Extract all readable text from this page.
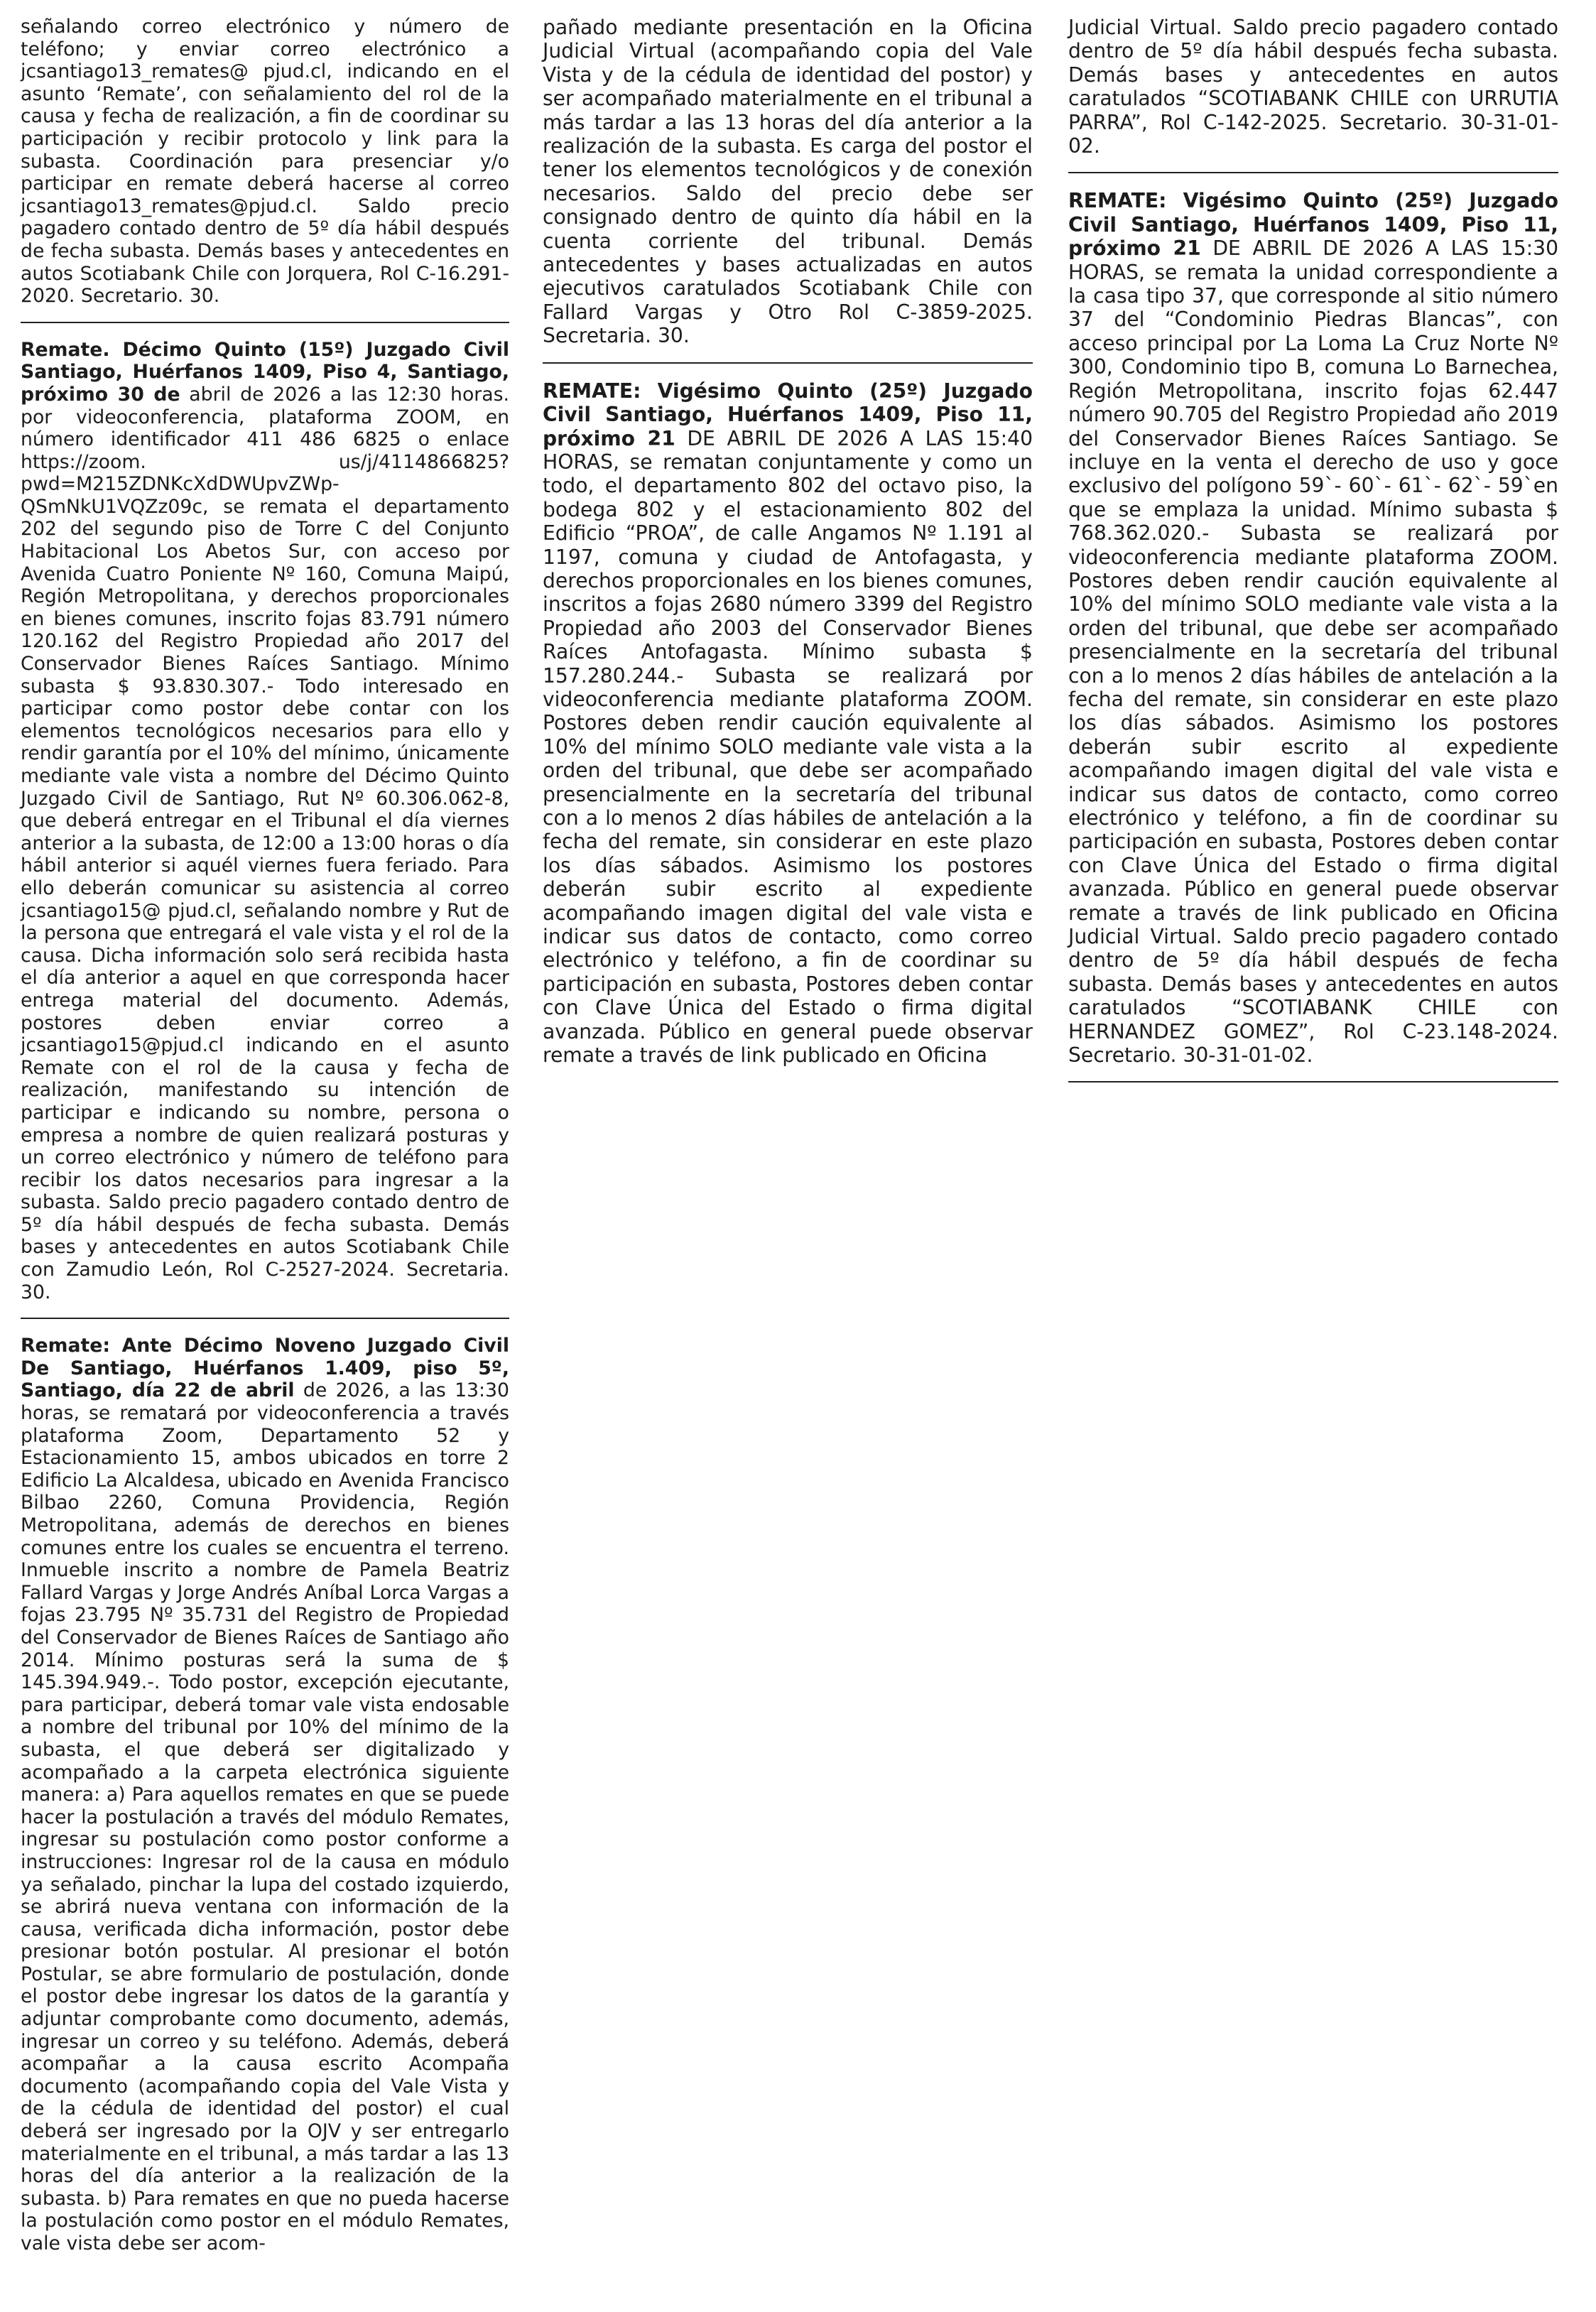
señalando correo electrónico y número de teléfono; y enviar correo electrónico a jcsantiago13_remates@ pjud.cl, indicando en el asunto ‘Remate’, con señalamiento del rol de la causa y fecha de realización, a fin de coordinar su participación y recibir protocolo y link para la subasta. Coordinación para presenciar y/o participar en remate deberá hacerse al correo jcsantiago13_remates@pjud.cl. Saldo precio pagadero contado dentro de 5º día hábil después de fecha subasta. Demás bases y antecedentes en autos Scotiabank Chile con Jorquera, Rol C-16.291-2020. Secretario. 30.

Remate. Décimo Quinto (15º) Juzgado Civil Santiago, Huérfanos 1409, Piso 4, Santiago, próximo 30 de abril de 2026 a las 12:30 horas. por videoconferencia, plataforma ZOOM, en número identificador 411 486 6825 o enlace https://zoom. us/j/4114866825?pwd=M215ZDNKcXdDWUpvZWp-QSmNkU1VQZz09c, se remata el departamento 202 del segundo piso de Torre C del Conjunto Habitacional Los Abetos Sur, con acceso por Avenida Cuatro Poniente Nº 160, Comuna Maipú, Región Metropolitana, y derechos proporcionales en bienes comunes, inscrito fojas 83.791 número 120.162 del Registro Propiedad año 2017 del Conservador Bienes Raíces Santiago. Mínimo subasta $ 93.830.307.- Todo interesado en participar como postor debe contar con los elementos tecnológicos necesarios para ello y rendir garantía por el 10% del mínimo, únicamente mediante vale vista a nombre del Décimo Quinto Juzgado Civil de Santiago, Rut Nº 60.306.062-8, que deberá entregar en el Tribunal el día viernes anterior a la subasta, de 12:00 a 13:00 horas o día hábil anterior si aquél viernes fuera feriado. Para ello deberán comunicar su asistencia al correo jcsantiago15@ pjud.cl, señalando nombre y Rut de la persona que entregará el vale vista y el rol de la causa. Dicha información solo será recibida hasta el día anterior a aquel en que corresponda hacer entrega material del documento. Además, postores deben enviar correo a jcsantiago15@pjud.cl indicando en el asunto Remate con el rol de la causa y fecha de realización, manifestando su intención de participar e indicando su nombre, persona o empresa a nombre de quien realizará posturas y un correo electrónico y número de teléfono para recibir los datos necesarios para ingresar a la subasta. Saldo precio pagadero contado dentro de 5º día hábil después de fecha subasta. Demás bases y antecedentes en autos Scotiabank Chile con Zamudio León, Rol C-2527-2024. Secretaria. 30.

Remate: Ante Décimo Noveno Juzgado Civil De Santiago, Huérfanos 1.409, piso 5º, Santiago, día 22 de abril de 2026, a las 13:30 horas, se rematará por videoconferencia a través plataforma Zoom, Departamento 52 y Estacionamiento 15, ambos ubicados en torre 2 Edificio La Alcaldesa, ubicado en Avenida Francisco Bilbao 2260, Comuna Providencia, Región Metropolitana, además de derechos en bienes comunes entre los cuales se encuentra el terreno. Inmueble inscrito a nombre de Pamela Beatriz Fallard Vargas y Jorge Andrés Aníbal Lorca Vargas a fojas 23.795 Nº 35.731 del Registro de Propiedad del Conservador de Bienes Raíces de Santiago año 2014. Mínimo posturas será la suma de $ 145.394.949.-. Todo postor, excepción ejecutante, para participar, deberá tomar vale vista endosable a nombre del tribunal por 10% del mínimo de la subasta, el que deberá ser digitalizado y acompañado a la carpeta electrónica siguiente manera: a) Para aquellos remates en que se puede hacer la postulación a través del módulo Remates, ingresar su postulación como postor conforme a instrucciones: Ingresar rol de la causa en módulo ya señalado, pinchar la lupa del costado izquierdo, se abrirá nueva ventana con información de la causa, verificada dicha información, postor debe presionar botón postular. Al presionar el botón Postular, se abre formulario de postulación, donde el postor debe ingresar los datos de la garantía y adjuntar comprobante como documento, además, ingresar un correo y su teléfono. Además, deberá acompañar a la causa escrito Acompaña documento (acompañando copia del Vale Vista y de la cédula de identidad del postor) el cual deberá ser ingresado por la OJV y ser entregarlo materialmente en el tribunal, a más tardar a las 13 horas del día anterior a la realización de la subasta. b) Para remates en que no pueda hacerse la postulación como postor en el módulo Remates, vale vista debe ser acom-

pañado mediante presentación en la Oficina Judicial Virtual (acompañando copia del Vale Vista y de la cédula de identidad del postor) y ser acompañado materialmente en el tribunal a más tardar a las 13 horas del día anterior a la realización de la subasta. Es carga del postor el tener los elementos tecnológicos y de conexión necesarios. Saldo del precio debe ser consignado dentro de quinto día hábil en la cuenta corriente del tribunal. Demás antecedentes y bases actualizadas en autos ejecutivos caratulados Scotiabank Chile con Fallard Vargas y Otro Rol C-3859-2025. Secretaria. 30.

REMATE: Vigésimo Quinto (25º) Juzgado Civil Santiago, Huérfanos 1409, Piso 11, próximo 21 DE ABRIL DE 2026 A LAS 15:40 HORAS, se rematan conjuntamente y como un todo, el departamento 802 del octavo piso, la bodega 802 y el estacionamiento 802 del Edificio “PROA”, de calle Angamos Nº 1.191 al 1197, comuna y ciudad de Antofagasta, y derechos proporcionales en los bienes comunes, inscritos a fojas 2680 número 3399 del Registro Propiedad año 2003 del Conservador Bienes Raíces Antofagasta. Mínimo subasta $ 157.280.244.- Subasta se realizará por videoconferencia mediante plataforma ZOOM. Postores deben rendir caución equivalente al 10% del mínimo SOLO mediante vale vista a la orden del tribunal, que debe ser acompañado presencialmente en la secretaría del tribunal con a lo menos 2 días hábiles de antelación a la fecha del remate, sin considerar en este plazo los días sábados. Asimismo los postores deberán subir escrito al expediente acompañando imagen digital del vale vista e indicar sus datos de contacto, como correo electrónico y teléfono, a fin de coordinar su participación en subasta, Postores deben contar con Clave Única del Estado o firma digital avanzada. Público en general puede observar remate a través de link publicado en Oficina

Judicial Virtual. Saldo precio pagadero contado dentro de 5º día hábil después fecha subasta. Demás bases y antecedentes en autos caratulados “SCOTIABANK CHILE con URRUTIA PARRA”, Rol C-142-2025. Secretario. 30-31-01-02.

REMATE: Vigésimo Quinto (25º) Juzgado Civil Santiago, Huérfanos 1409, Piso 11, próximo 21 DE ABRIL DE 2026 A LAS 15:30 HORAS, se remata la unidad correspondiente a la casa tipo 37, que corresponde al sitio número 37 del “Condominio Piedras Blancas”, con acceso principal por La Loma La Cruz Norte Nº 300, Condominio tipo B, comuna Lo Barnechea, Región Metropolitana, inscrito fojas 62.447 número 90.705 del Registro Propiedad año 2019 del Conservador Bienes Raíces Santiago. Se incluye en la venta el derecho de uso y goce exclusivo del polígono 59`- 60`- 61`- 62`- 59`en que se emplaza la unidad. Mínimo subasta $ 768.362.020.- Subasta se realizará por videoconferencia mediante plataforma ZOOM. Postores deben rendir caución equivalente al 10% del mínimo SOLO mediante vale vista a la orden del tribunal, que debe ser acompañado presencialmente en la secretaría del tribunal con a lo menos 2 días hábiles de antelación a la fecha del remate, sin considerar en este plazo los días sábados. Asimismo los postores deberán subir escrito al expediente acompañando imagen digital del vale vista e indicar sus datos de contacto, como correo electrónico y teléfono, a fin de coordinar su participación en subasta, Postores deben contar con Clave Única del Estado o firma digital avanzada. Público en general puede observar remate a través de link publicado en Oficina Judicial Virtual. Saldo precio pagadero contado dentro de 5º día hábil después de fecha subasta. Demás bases y antecedentes en autos caratulados “SCOTIABANK CHILE con HERNANDEZ GOMEZ”, Rol C-23.148-2024. Secretario. 30-31-01-02.
